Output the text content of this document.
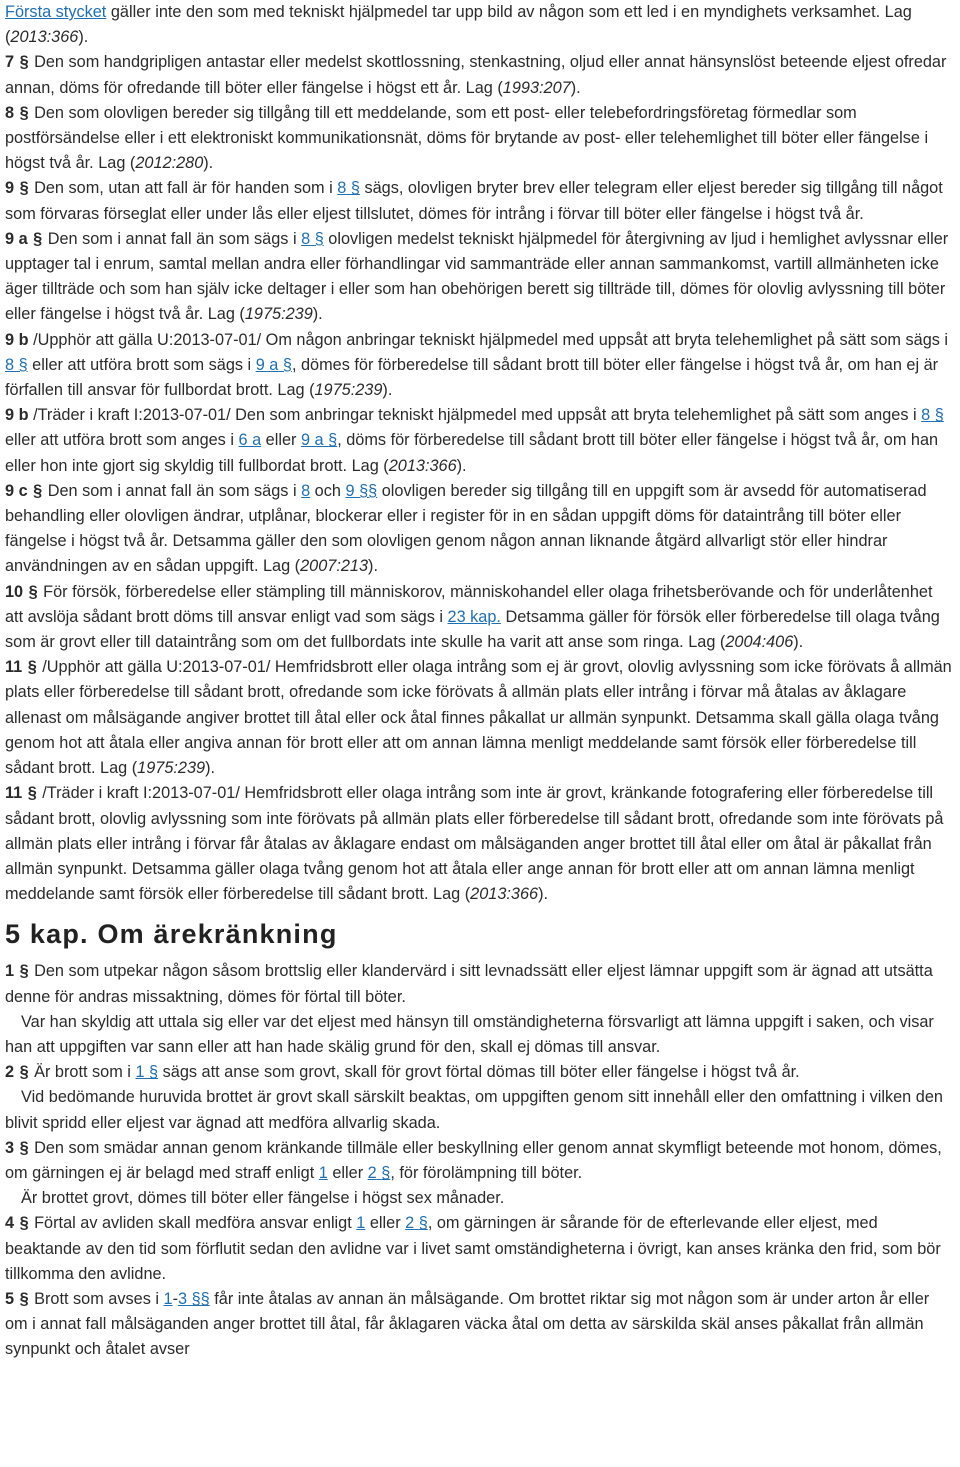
Första stycket gäller inte den som med tekniskt hjälpmedel tar upp bild av någon som ett led i en myndighets verksamhet. Lag (2013:366).

7 § Den som handgripligen antastar eller medelst skottlossning, stenkastning, oljud eller annat hänsynslöst beteende eljest ofredar annan, döms för ofredande till böter eller fängelse i högst ett år. Lag (1993:207).

8 § Den som olovligen bereder sig tillgång till ett meddelande, som ett post- eller telebefordringsföretag förmedlar som postförsändelse eller i ett elektroniskt kommunikationsnät, döms för brytande av post- eller telehemlighet till böter eller fängelse i högst två år. Lag (2012:280).

9 § Den som, utan att fall är för handen som i 8 § sägs, olovligen bryter brev eller telegram eller eljest bereder sig tillgång till något som förvaras förseglat eller under lås eller eljest tillslutet, dömes för intrång i förvar till böter eller fängelse i högst två år.

9 a § Den som i annat fall än som sägs i 8 § olovligen medelst tekniskt hjälpmedel för återgivning av ljud i hemlighet avlyssnar eller upptager tal i enrum, samtal mellan andra eller förhandlingar vid sammanträde eller annan sammankomst, vartill allmänheten icke äger tillträde och som han själv icke deltager i eller som han obehörigen berett sig tillträde till, dömes för olovlig avlyssning till böter eller fängelse i högst två år. Lag (1975:239).

9 b /Upphör att gälla U:2013-07-01/ Om någon anbringar tekniskt hjälpmedel med uppsåt att bryta telehemlighet på sätt som sägs i 8 § eller att utföra brott som sägs i 9 a §, dömes för förberedelse till sådant brott till böter eller fängelse i högst två år, om han ej är förfallen till ansvar för fullbordat brott. Lag (1975:239).

9 b /Träder i kraft I:2013-07-01/ Den som anbringar tekniskt hjälpmedel med uppsåt att bryta telehemlighet på sätt som anges i 8 § eller att utföra brott som anges i 6 a eller 9 a §, döms för förberedelse till sådant brott till böter eller fängelse i högst två år, om han eller hon inte gjort sig skyldig till fullbordat brott. Lag (2013:366).

9 c § Den som i annat fall än som sägs i 8 och 9 §§ olovligen bereder sig tillgång till en uppgift som är avsedd för automatiserad behandling eller olovligen ändrar, utplånar, blockerar eller i register för in en sådan uppgift döms för dataintrång till böter eller fängelse i högst två år. Detsamma gäller den som olovligen genom någon annan liknande åtgärd allvarligt stör eller hindrar användningen av en sådan uppgift. Lag (2007:213).

10 § För försök, förberedelse eller stämpling till människorov, människohandel eller olaga frihetsberövande och för underlåtenhet att avslöja sådant brott döms till ansvar enligt vad som sägs i 23 kap. Detsamma gäller för försök eller förberedelse till olaga tvång som är grovt eller till dataintrång som om det fullbordats inte skulle ha varit att anse som ringa. Lag (2004:406).

11 § /Upphör att gälla U:2013-07-01/ Hemfridsbrott eller olaga intrång som ej är grovt, olovlig avlyssning som icke förövats å allmän plats eller förberedelse till sådant brott, ofredande som icke förövats å allmän plats eller intrång i förvar må åtalas av åklagare allenast om målsägande angiver brottet till åtal eller ock åtal finnes påkallat ur allmän synpunkt. Detsamma skall gälla olaga tvång genom hot att åtala eller angiva annan för brott eller att om annan lämna menligt meddelande samt försök eller förberedelse till sådant brott. Lag (1975:239).

11 § /Träder i kraft I:2013-07-01/ Hemfridsbrott eller olaga intrång som inte är grovt, kränkande fotografering eller förberedelse till sådant brott, olovlig avlyssning som inte förövats på allmän plats eller förberedelse till sådant brott, ofredande som inte förövats på allmän plats eller intrång i förvar får åtalas av åklagare endast om målsäganden anger brottet till åtal eller om åtal är påkallat från allmän synpunkt. Detsamma gäller olaga tvång genom hot att åtala eller ange annan för brott eller att om annan lämna menligt meddelande samt försök eller förberedelse till sådant brott. Lag (2013:366).

5 kap. Om ärekränkning

1 § Den som utpekar någon såsom brottslig eller klandervärd i sitt levnadssätt eller eljest lämnar uppgift som är ägnad att utsätta denne för andras missaktning, dömes för förtal till böter.

Var han skyldig att uttala sig eller var det eljest med hänsyn till omständigheterna försvarligt att lämna uppgift i saken, och visar han att uppgiften var sann eller att han hade skälig grund för den, skall ej dömas till ansvar.

2 § Är brott som i 1 § sägs att anse som grovt, skall för grovt förtal dömas till böter eller fängelse i högst två år.

Vid bedömande huruvida brottet är grovt skall särskilt beaktas, om uppgiften genom sitt innehåll eller den omfattning i vilken den blivit spridd eller eljest var ägnad att medföra allvarlig skada.

3 § Den som smädar annan genom kränkande tillmäle eller beskyllning eller genom annat skymfligt beteende mot honom, dömes, om gärningen ej är belagd med straff enligt 1 eller 2 §, för förolämpning till böter.

Är brottet grovt, dömes till böter eller fängelse i högst sex månader.

4 § Förtal av avliden skall medföra ansvar enligt 1 eller 2 §, om gärningen är sårande för de efterlevande eller eljest, med beaktande av den tid som förflutit sedan den avlidne var i livet samt omständigheterna i övrigt, kan anses kränka den frid, som bör tillkomma den avlidne.

5 § Brott som avses i 1-3 §§ får inte åtalas av annan än målsägande. Om brottet riktar sig mot någon som är under arton år eller om i annat fall målsäganden anger brottet till åtal, får åklagaren väcka åtal om detta av särskilda skäl anses påkallat från allmän synpunkt och åtalet avser
